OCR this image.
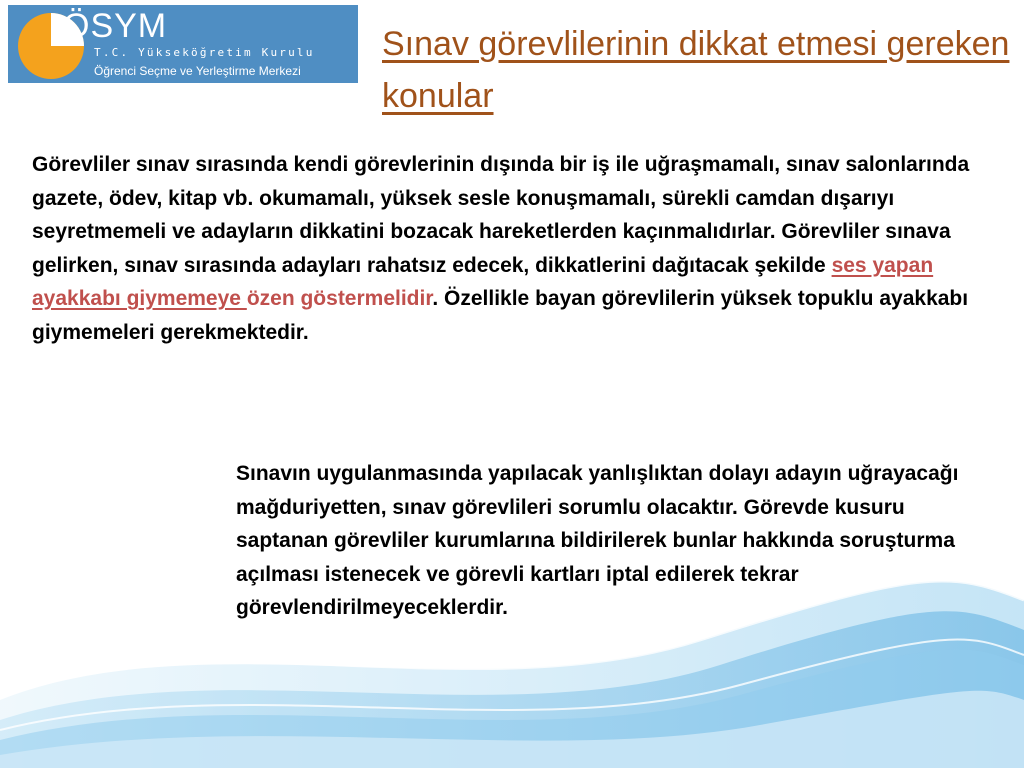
ÖSYM
T.C. Yükseköğretim Kurulu
Öğrenci Seçme ve Yerleştirme Merkezi
Sınav görevlilerinin dikkat etmesi gereken konular

Görevliler sınav sırasında kendi görevlerinin dışında bir iş ile uğraşmamalı, sınav salonlarında gazete, ödev, kitap vb. okumamalı, yüksek sesle konuşmamalı, sürekli camdan dışarıyı seyretmemeli ve adayların dikkatini bozacak hareketlerden kaçınmalıdırlar. Görevliler sınava gelirken, sınav sırasında adayları rahatsız edecek, dikkatlerini dağıtacak şekilde ses yapan ayakkabı giymemeye özen göstermelidir. Özellikle bayan görevlilerin yüksek topuklu ayakkabı giymemeleri gerekmektedir.

Sınavın uygulanmasında yapılacak yanlışlıktan dolayı adayın uğrayacağı mağduriyetten, sınav görevlileri sorumlu olacaktır. Görevde kusuru saptanan görevliler kurumlarına bildirilerek bunlar hakkında soruşturma açılması istenecek ve görevli kartları iptal edilerek tekrar görevlendirilmeyeceklerdir.
